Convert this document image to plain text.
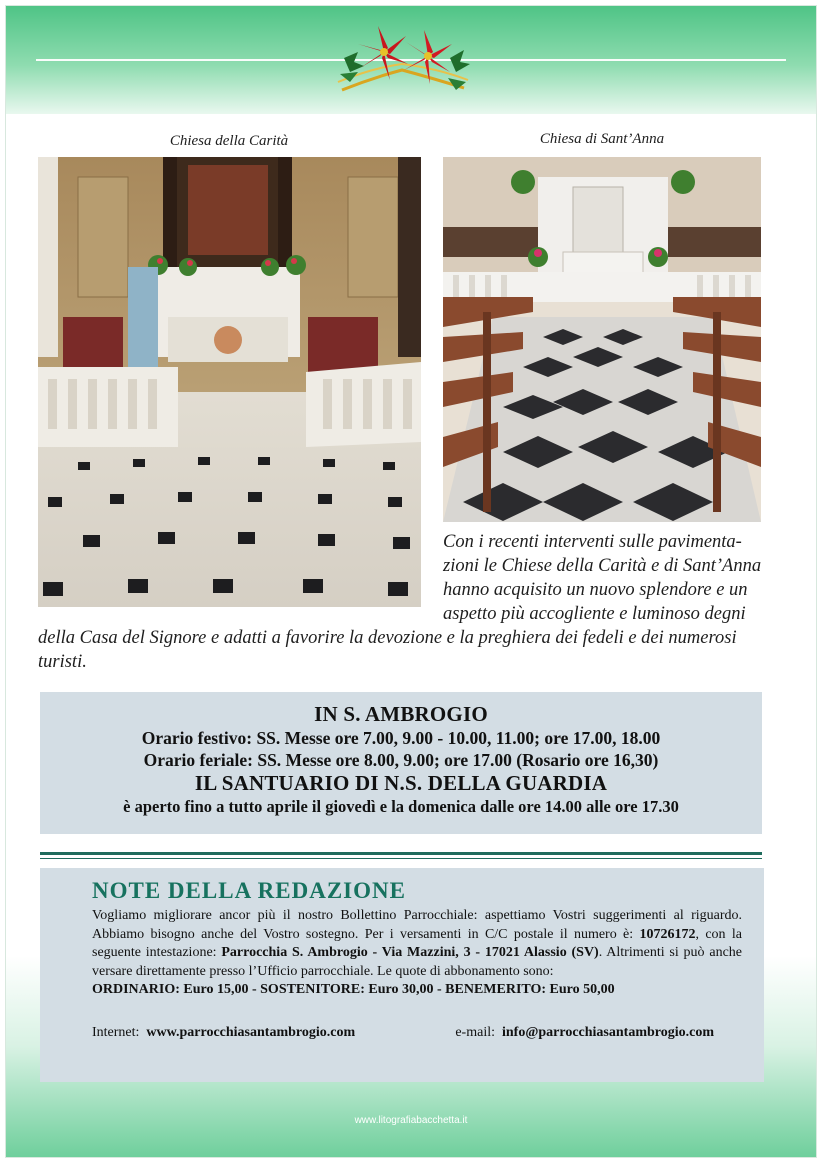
Chiesa della Carità	Chiesa di Sant’Anna
Con i recenti interventi sulle pavimenta-
zioni le Chiese della Carità e di Sant’Anna
hanno acquisito un nuovo splendore e un
aspetto più accogliente e luminoso degni
della Casa del Signore e adatti a favorire la devozione e la preghiera dei fedeli e dei numerosi
turisti.
IN S. AMBROGIO
Orario festivo: SS. Messe ore 7.00, 9.00 - 10.00, 11.00; ore 17.00, 18.00
Orario feriale: SS. Messe ore 8.00, 9.00; ore 17.00 (Rosario ore 16,30)
IL SANTUARIO DI N.S. DELLA GUARDIA
è aperto fino a tutto aprile il giovedì e la domenica dalle ore 14.00 alle ore 17.30
NOTE DELLA REDAZIONE
Vogliamo migliorare ancor più il nostro Bollettino Parrocchiale: aspettiamo Vostri suggerimenti al riguardo. Abbiamo bisogno anche del Vostro sostegno. Per i versamenti in C/C postale il numero è: 10726172, con la seguente intestazione: Parrocchia S. Ambrogio - Via Mazzini, 3 - 17021 Alassio (SV). Altrimenti si può anche versare direttamente presso l’Ufficio parrocchiale. Le quote di abbonamento sono:
ORDINARIO: Euro 15,00 - SOSTENITORE: Euro 30,00 - BENEMERITO: Euro 50,00
Internet: www.parrocchiasantambrogio.com	e-mail: info@parrocchiasantambrogio.com
www.litografiabacchetta.it
